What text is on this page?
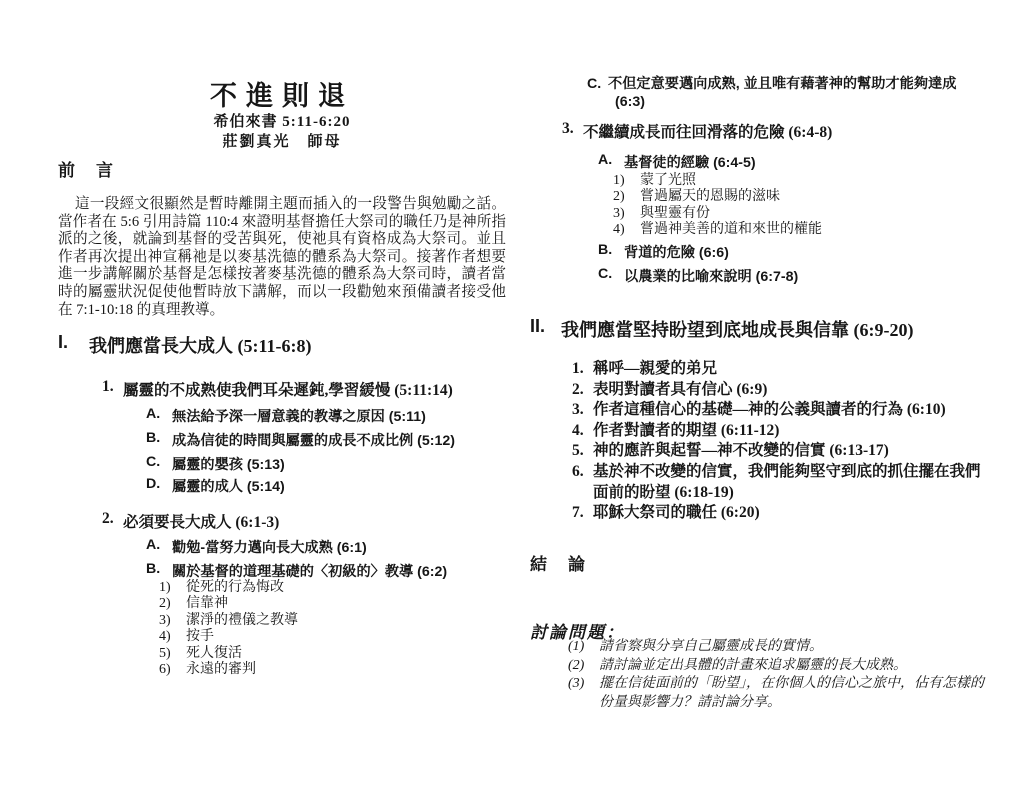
不進則退
希伯來書 5:11-6:20
莊劉真光　師母
前　言
這一段經文很顯然是暫時離開主題而插入的一段警告與勉勵之話。當作者在 5:6 引用詩篇 110:4 來證明基督擔任大祭司的職任乃是神所指派的之後，就論到基督的受苦與死，使祂具有資格成為大祭司。並且作者再次提出神宣稱祂是以麥基洗德的體系為大祭司。接著作者想要進一步講解關於基督是怎樣按著麥基洗德的體系為大祭司時，讀者當時的屬靈狀況促使他暫時放下講解，而以一段勸勉來預備讀者接受他在 7:1-10:18 的真理教導。
I.	我們應當長大成人 (5:11-6:8)
1. 屬靈的不成熟使我們耳朵遲鈍,學習緩慢 (5:11:14)
A. 無法給予深一層意義的教導之原因 (5:11)
B. 成為信徒的時間與屬靈的成長不成比例 (5:12)
C. 屬靈的嬰孩 (5:13)
D. 屬靈的成人 (5:14)
2. 必須要長大成人 (6:1-3)
A. 勸勉-當努力邁向長大成熟 (6:1)
B. 關於基督的道理基礎的〈初級的〉教導 (6:2)
1)	從死的行為悔改
2)	信靠神
3)	潔淨的禮儀之教導
4)	按手
5)	死人復活
6)	永遠的審判
C. 不但定意要邁向成熟, 並且唯有藉著神的幫助才能夠達成
(6:3)
3. 不繼續成長而往回滑落的危險 (6:4-8)
A. 基督徒的經驗 (6:4-5)
1)	蒙了光照
2)	嘗過屬天的恩賜的滋味
3)	與聖靈有份
4)	嘗過神美善的道和來世的權能
B. 背道的危險 (6:6)
C. 以農業的比喻來說明 (6:7-8)
II. 我們應當堅持盼望到底地成長與信靠 (6:9-20)
1. 稱呼—親愛的弟兄
2. 表明對讀者具有信心 (6:9)
3. 作者這種信心的基礎—神的公義與讀者的行為 (6:10)
4. 作者對讀者的期望 (6:11-12)
5. 神的應許與起誓—神不改變的信實 (6:13-17)
6. 基於神不改變的信實，我們能夠堅守到底的抓住擺在我們面前的盼望 (6:18-19)
7. 耶穌大祭司的職任 (6:20)
結　論
討論問題：
(1)	請省察與分享自己屬靈成長的實情。
(2)	請討論並定出具體的計畫來追求屬靈的長大成熟。
(3)	擺在信徒面前的「盼望」，在你個人的信心之旅中，佔有怎樣的份量與影響力？請討論分享。
